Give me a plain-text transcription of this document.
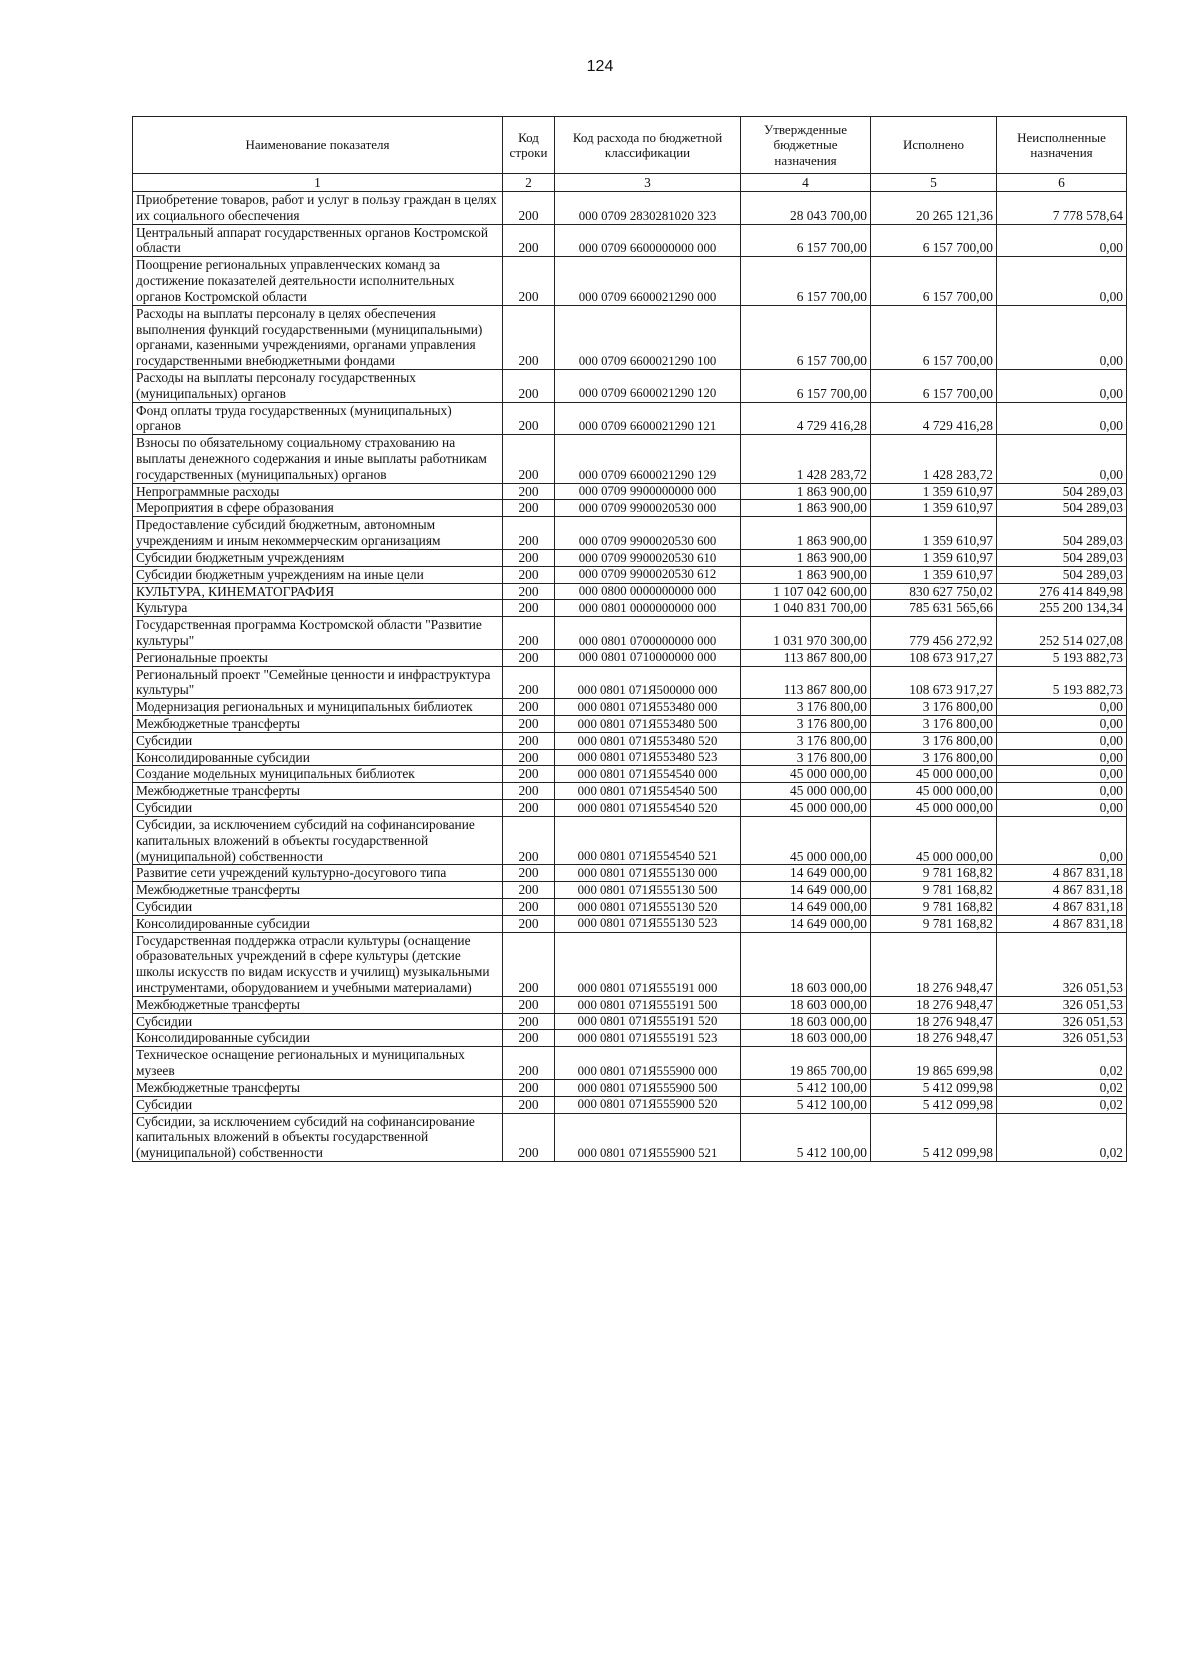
124
Наименование показателя	Код строки	Код расхода по бюджетной классификации	Утвержденные бюджетные назначения	Исполнено	Неисполненные назначения
1	2	3	4	5	6
Приобретение товаров, работ и услуг в пользу граждан в целях их социального обеспечения	200	000 0709 2830281020 323	28 043 700,00	20 265 121,36	7 778 578,64
Центральный аппарат государственных органов Костромской области	200	000 0709 6600000000 000	6 157 700,00	6 157 700,00	0,00
Поощрение региональных управленческих команд за достижение показателей деятельности исполнительных органов Костромской области	200	000 0709 6600021290 000	6 157 700,00	6 157 700,00	0,00
Расходы на выплаты персоналу в целях обеспечения выполнения функций государственными (муниципальными) органами, казенными учреждениями, органами управления государственными внебюджетными фондами	200	000 0709 6600021290 100	6 157 700,00	6 157 700,00	0,00
Расходы на выплаты персоналу государственных (муниципальных) органов	200	000 0709 6600021290 120	6 157 700,00	6 157 700,00	0,00
Фонд оплаты труда государственных (муниципальных) органов	200	000 0709 6600021290 121	4 729 416,28	4 729 416,28	0,00
Взносы по обязательному социальному страхованию на выплаты денежного содержания и иные выплаты работникам государственных (муниципальных) органов	200	000 0709 6600021290 129	1 428 283,72	1 428 283,72	0,00
Непрограммные расходы	200	000 0709 9900000000 000	1 863 900,00	1 359 610,97	504 289,03
Мероприятия в сфере образования	200	000 0709 9900020530 000	1 863 900,00	1 359 610,97	504 289,03
Предоставление субсидий бюджетным, автономным учреждениям и иным некоммерческим организациям	200	000 0709 9900020530 600	1 863 900,00	1 359 610,97	504 289,03
Субсидии бюджетным учреждениям	200	000 0709 9900020530 610	1 863 900,00	1 359 610,97	504 289,03
Субсидии бюджетным учреждениям на иные цели	200	000 0709 9900020530 612	1 863 900,00	1 359 610,97	504 289,03
КУЛЬТУРА, КИНЕМАТОГРАФИЯ	200	000 0800 0000000000 000	1 107 042 600,00	830 627 750,02	276 414 849,98
Культура	200	000 0801 0000000000 000	1 040 831 700,00	785 631 565,66	255 200 134,34
Государственная программа Костромской области "Развитие культуры"	200	000 0801 0700000000 000	1 031 970 300,00	779 456 272,92	252 514 027,08
Региональные проекты	200	000 0801 0710000000 000	113 867 800,00	108 673 917,27	5 193 882,73
Региональный проект "Семейные ценности и инфраструктура культуры"	200	000 0801 071Я500000 000	113 867 800,00	108 673 917,27	5 193 882,73
Модернизация региональных и муниципальных библиотек	200	000 0801 071Я553480 000	3 176 800,00	3 176 800,00	0,00
Межбюджетные трансферты	200	000 0801 071Я553480 500	3 176 800,00	3 176 800,00	0,00
Субсидии	200	000 0801 071Я553480 520	3 176 800,00	3 176 800,00	0,00
Консолидированные субсидии	200	000 0801 071Я553480 523	3 176 800,00	3 176 800,00	0,00
Создание модельных муниципальных библиотек	200	000 0801 071Я554540 000	45 000 000,00	45 000 000,00	0,00
Межбюджетные трансферты	200	000 0801 071Я554540 500	45 000 000,00	45 000 000,00	0,00
Субсидии	200	000 0801 071Я554540 520	45 000 000,00	45 000 000,00	0,00
Субсидии, за исключением субсидий на софинансирование капитальных вложений в объекты государственной (муниципальной) собственности	200	000 0801 071Я554540 521	45 000 000,00	45 000 000,00	0,00
Развитие сети учреждений культурно-досугового типа	200	000 0801 071Я555130 000	14 649 000,00	9 781 168,82	4 867 831,18
Межбюджетные трансферты	200	000 0801 071Я555130 500	14 649 000,00	9 781 168,82	4 867 831,18
Субсидии	200	000 0801 071Я555130 520	14 649 000,00	9 781 168,82	4 867 831,18
Консолидированные субсидии	200	000 0801 071Я555130 523	14 649 000,00	9 781 168,82	4 867 831,18
Государственная поддержка отрасли культуры (оснащение образовательных учреждений в сфере культуры (детские школы искусств по видам искусств и училищ) музыкальными инструментами, оборудованием и учебными материалами)	200	000 0801 071Я555191 000	18 603 000,00	18 276 948,47	326 051,53
Межбюджетные трансферты	200	000 0801 071Я555191 500	18 603 000,00	18 276 948,47	326 051,53
Субсидии	200	000 0801 071Я555191 520	18 603 000,00	18 276 948,47	326 051,53
Консолидированные субсидии	200	000 0801 071Я555191 523	18 603 000,00	18 276 948,47	326 051,53
Техническое оснащение региональных и муниципальных музеев	200	000 0801 071Я555900 000	19 865 700,00	19 865 699,98	0,02
Межбюджетные трансферты	200	000 0801 071Я555900 500	5 412 100,00	5 412 099,98	0,02
Субсидии	200	000 0801 071Я555900 520	5 412 100,00	5 412 099,98	0,02
Субсидии, за исключением субсидий на софинансирование капитальных вложений в объекты государственной (муниципальной) собственности	200	000 0801 071Я555900 521	5 412 100,00	5 412 099,98	0,02
